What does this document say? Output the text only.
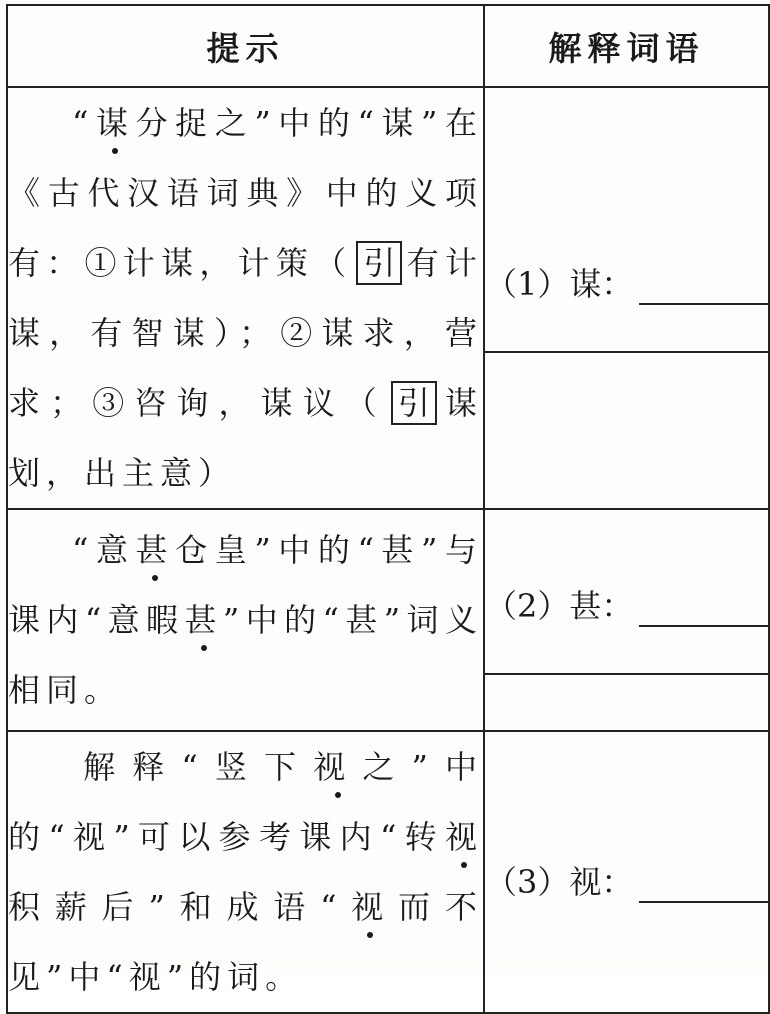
提示	解释词语
“谋分捉之”中的“谋”在《古代汉语词典》中的义项有：①计谋，计策（ 引 有计谋，有智谋）；②谋求，营求；③咨询，谋议（ 引 谋划，出主意）	（1）谋：

“意甚仓皇”中的“甚”与课内“意暇甚”中的“甚”词义相同。	（2）甚：

解释“竖下视之”中的“视”可以参考课内“转视积薪后”和成语“视而不见”中“视”的词。	（3）视：
